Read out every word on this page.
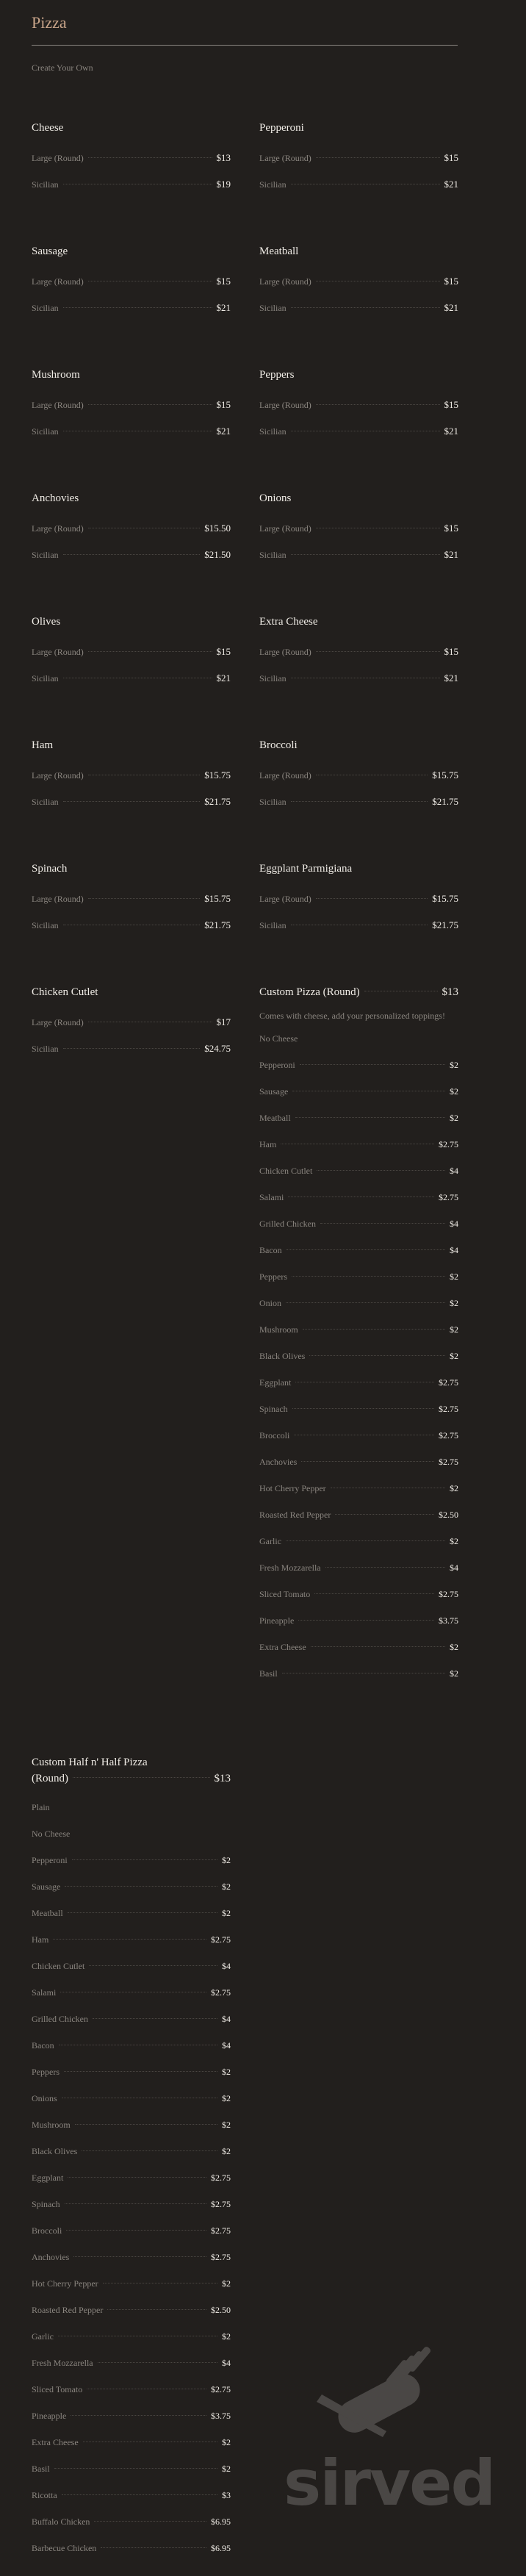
Pizza
Create Your Own
Cheese
Large (Round)	$13
Sicilian	$19
Pepperoni
Large (Round)	$15
Sicilian	$21
Sausage
Large (Round)	$15
Sicilian	$21
Meatball
Large (Round)	$15
Sicilian	$21
Mushroom
Large (Round)	$15
Sicilian	$21
Peppers
Large (Round)	$15
Sicilian	$21
Anchovies
Large (Round)	$15.50
Sicilian	$21.50
Onions
Large (Round)	$15
Sicilian	$21
Olives
Large (Round)	$15
Sicilian	$21
Extra Cheese
Large (Round)	$15
Sicilian	$21
Ham
Large (Round)	$15.75
Sicilian	$21.75
Broccoli
Large (Round)	$15.75
Sicilian	$21.75
Spinach
Large (Round)	$15.75
Sicilian	$21.75
Eggplant Parmigiana
Large (Round)	$15.75
Sicilian	$21.75
Chicken Cutlet
Large (Round)	$17
Sicilian	$24.75
Custom Pizza (Round)	$13
Comes with cheese, add your personalized toppings!
No Cheese
Pepperoni	$2
Sausage	$2
Meatball	$2
Ham	$2.75
Chicken Cutlet	$4
Salami	$2.75
Grilled Chicken	$4
Bacon	$4
Peppers	$2
Onion	$2
Mushroom	$2
Black Olives	$2
Eggplant	$2.75
Spinach	$2.75
Broccoli	$2.75
Anchovies	$2.75
Hot Cherry Pepper	$2
Roasted Red Pepper	$2.50
Garlic	$2
Fresh Mozzarella	$4
Sliced Tomato	$2.75
Pineapple	$3.75
Extra Cheese	$2
Basil	$2
Custom Half n' Half Pizza
(Round)	$13
Plain
No Cheese
Pepperoni	$2
Sausage	$2
Meatball	$2
Ham	$2.75
Chicken Cutlet	$4
Salami	$2.75
Grilled Chicken	$4
Bacon	$4
Peppers	$2
Onions	$2
Mushroom	$2
Black Olives	$2
Eggplant	$2.75
Spinach	$2.75
Broccoli	$2.75
Anchovies	$2.75
Hot Cherry Pepper	$2
Roasted Red Pepper	$2.50
Garlic	$2
Fresh Mozzarella	$4
Sliced Tomato	$2.75
Pineapple	$3.75
Extra Cheese	$2
Basil	$2
Ricotta	$3
Buffalo Chicken	$6.95
Barbecue Chicken	$6.95
sirved
